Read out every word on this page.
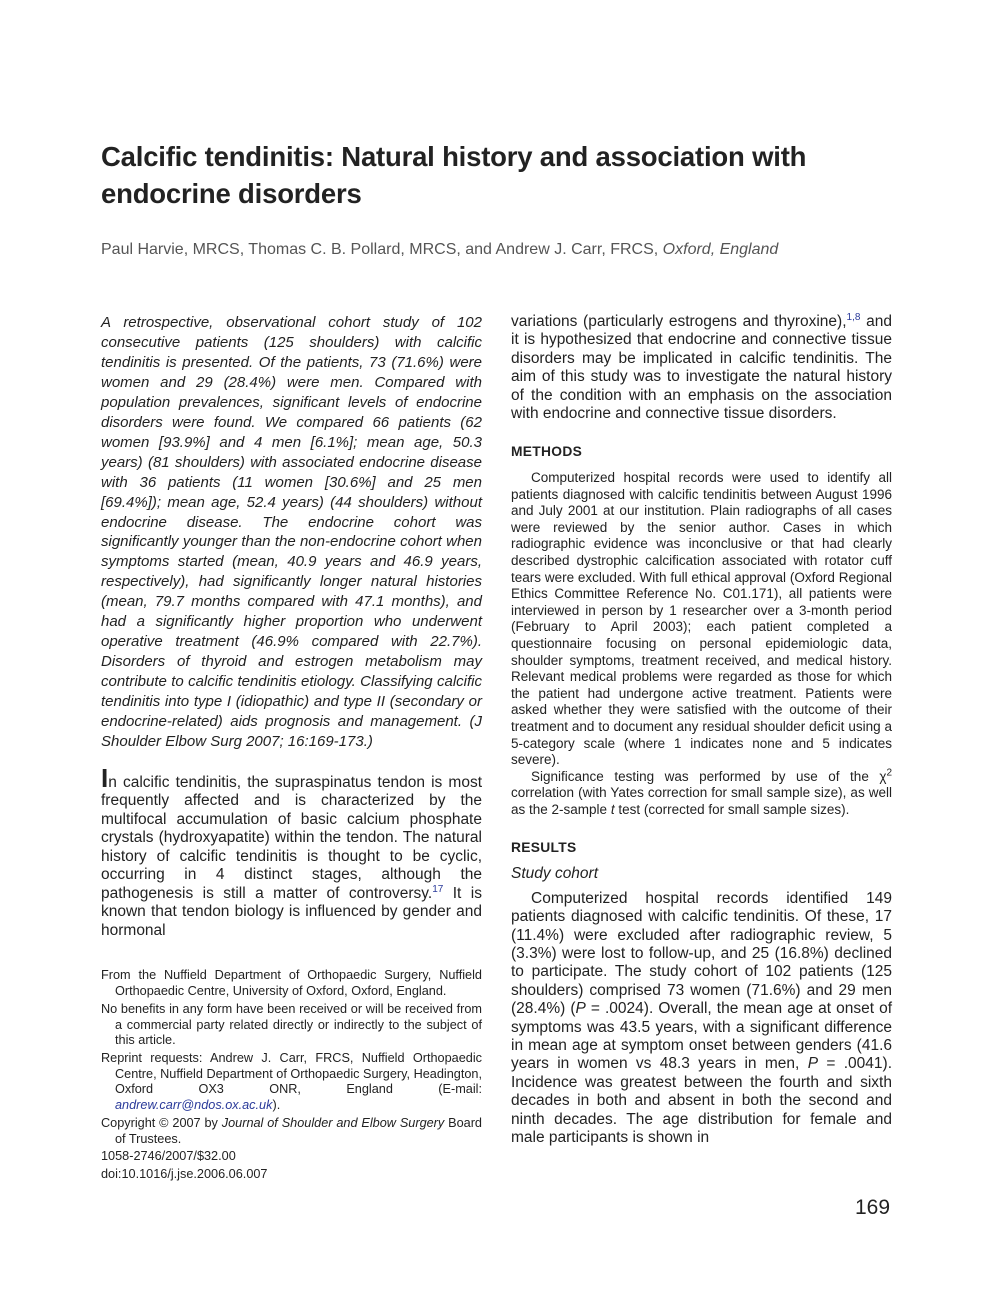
Calcific tendinitis: Natural history and association with endocrine disorders

Paul Harvie, MRCS, Thomas C. B. Pollard, MRCS, and Andrew J. Carr, FRCS, Oxford, England

A retrospective, observational cohort study of 102 consecutive patients (125 shoulders) with calcific tendinitis is presented. Of the patients, 73 (71.6%) were women and 29 (28.4%) were men. Compared with population prevalences, significant levels of endocrine disorders were found. We compared 66 patients (62 women [93.9%] and 4 men [6.1%]; mean age, 50.3 years) (81 shoulders) with associated endocrine disease with 36 patients (11 women [30.6%] and 25 men [69.4%]); mean age, 52.4 years) (44 shoulders) without endocrine disease. The endocrine cohort was significantly younger than the non-endocrine cohort when symptoms started (mean, 40.9 years and 46.9 years, respectively), had significantly longer natural histories (mean, 79.7 months compared with 47.1 months), and had a significantly higher proportion who underwent operative treatment (46.9% compared with 22.7%). Disorders of thyroid and estrogen metabolism may contribute to calcific tendinitis etiology. Classifying calcific tendinitis into type I (idiopathic) and type II (secondary or endocrine-related) aids prognosis and management. (J Shoulder Elbow Surg 2007; 16:169-173.)

In calcific tendinitis, the supraspinatus tendon is most frequently affected and is characterized by the multifocal accumulation of basic calcium phosphate crystals (hydroxyapatite) within the tendon. The natural history of calcific tendinitis is thought to be cyclic, occurring in 4 distinct stages, although the pathogenesis is still a matter of controversy.$^{17}$ It is known that tendon biology is influenced by gender and hormonal

From the Nuffield Department of Orthopaedic Surgery, Nuffield Orthopaedic Centre, University of Oxford, Oxford, England.

No benefits in any form have been received or will be received from a commercial party related directly or indirectly to the subject of this article.

Reprint requests: Andrew J. Carr, FRCS, Nuffield Orthopaedic Centre, Nuffield Department of Orthopaedic Surgery, Headington, Oxford OX3 ONR, England (E-mail: andrew.carr@ndos.ox.ac.uk).

Copyright © 2007 by Journal of Shoulder and Elbow Surgery Board of Trustees.

1058-2746/2007/$32.00

doi:10.1016/j.jse.2006.06.007

variations (particularly estrogens and thyroxine),$^{1,8}$ and it is hypothesized that endocrine and connective tissue disorders may be implicated in calcific tendinitis. The aim of this study was to investigate the natural history of the condition with an emphasis on the association with endocrine and connective tissue disorders.

METHODS

Computerized hospital records were used to identify all patients diagnosed with calcific tendinitis between August 1996 and July 2001 at our institution. Plain radiographs of all cases were reviewed by the senior author. Cases in which radiographic evidence was inconclusive or that had clearly described dystrophic calcification associated with rotator cuff tears were excluded. With full ethical approval (Oxford Regional Ethics Committee Reference No. C01.171), all patients were interviewed in person by 1 researcher over a 3-month period (February to April 2003); each patient completed a questionnaire focusing on personal epidemiologic data, shoulder symptoms, treatment received, and medical history. Relevant medical problems were regarded as those for which the patient had undergone active treatment. Patients were asked whether they were satisfied with the outcome of their treatment and to document any residual shoulder deficit using a 5-category scale (where 1 indicates none and 5 indicates severe).

Significance testing was performed by use of the $\chi^2$ correlation (with Yates correction for small sample size), as well as the 2-sample t test (corrected for small sample sizes).

RESULTS
Study cohort

Computerized hospital records identified 149 patients diagnosed with calcific tendinitis. Of these, 17 (11.4%) were excluded after radiographic review, 5 (3.3%) were lost to follow-up, and 25 (16.8%) declined to participate. The study cohort of 102 patients (125 shoulders) comprised 73 women (71.6%) and 29 men (28.4%) (P = .0024). Overall, the mean age at onset of symptoms was 43.5 years, with a significant difference in mean age at symptom onset between genders (41.6 years in women vs 48.3 years in men, P = .0041). Incidence was greatest between the fourth and sixth decades in both and absent in both the second and ninth decades. The age distribution for female and male participants is shown in

169
